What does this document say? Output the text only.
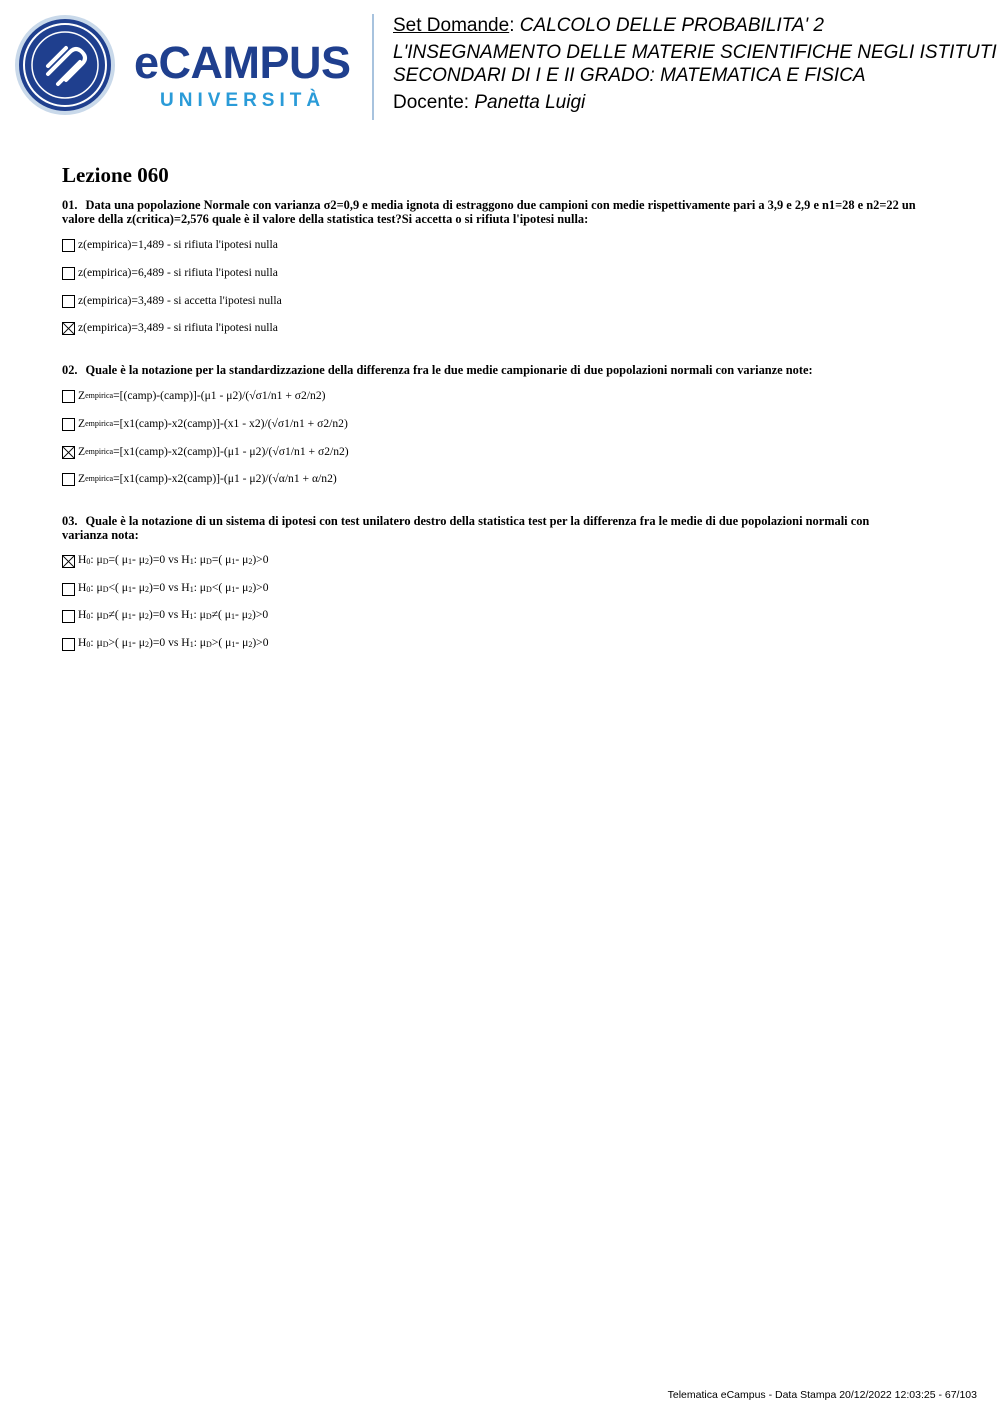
eCAMPUS
UNIVERSITÀ
Set Domande: CALCOLO DELLE PROBABILITA' 2
L'INSEGNAMENTO DELLE MATERIE SCIENTIFICHE NEGLI ISTITUTI
SECONDARI DI I E II GRADO: MATEMATICA E FISICA
Docente: Panetta Luigi
Lezione 060
01. Data una popolazione Normale con varianza σ2=0,9 e media ignota di estraggono due campioni con medie rispettivamente pari a 3,9 e 2,9 e n1=28 e n2=22 un
valore della z(critica)=2,576 quale è il valore della statistica test?Si accetta o si rifiuta l'ipotesi nulla:
z(empirica)=1,489 - si rifiuta l'ipotesi nulla
z(empirica)=6,489 - si rifiuta l'ipotesi nulla
z(empirica)=3,489 - si accetta l'ipotesi nulla
z(empirica)=3,489 - si rifiuta l'ipotesi nulla
02. Quale è la notazione per la standardizzazione della differenza fra le due medie campionarie di due popolazioni normali con varianze note:
Z empirica =[(camp)-(camp)]-(μ1 - μ2)/(√σ1/n1 + σ2/n2)
Z empirica =[x1(camp)-x2(camp)]-(x1 - x2)/(√σ1/n1 + σ2/n2)
Z empirica =[x1(camp)-x2(camp)]-(μ1 - μ2)/(√σ1/n1 + σ2/n2)
Z empirica =[x1(camp)-x2(camp)]-(μ1 - μ2)/(√α/n1 + α/n2)
03. Quale è la notazione di un sistema di ipotesi con test unilatero destro della statistica test per la differenza fra le medie di due popolazioni normali con
varianza nota:
$H_0$: $\mu_D=$( $\mu_1-$ $\mu_2)=0$ vs $H_1$: $\mu_D=$( $\mu_1-$ $\mu_2)>0$
$H_0$: $\mu_D<$( $\mu_1-$ $\mu_2)=0$ vs $H_1$: $\mu_D<$( $\mu_1-$ $\mu_2)>0$
$H_0$: $\mu_D\ne$( $\mu_1-$ $\mu_2)=0$ vs $H_1$: $\mu_D\ne$( $\mu_1-$ $\mu_2)>0$
$H_0$: $\mu_D>$( $\mu_1-$ $\mu_2)=0$ vs $H_1$: $\mu_D>$( $\mu_1-$ $\mu_2)>0$
Telematica eCampus - Data Stampa 20/12/2022 12:03:25 - 67/103
